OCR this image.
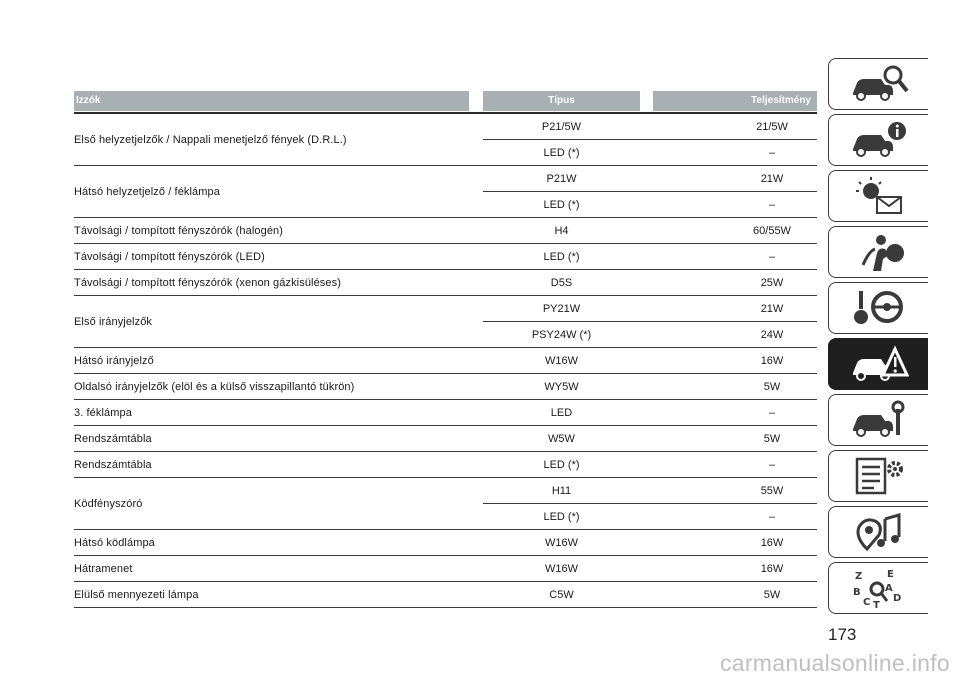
Izzók	Típus	Teljesítmény
Első helyzetjelzők / Nappali menetjelző fények (D.R.L.)
P21/5W	21/5W
LED (*)	–
Hátsó helyzetjelző / féklámpa
P21W	21W
LED (*)	–
Távolsági / tompított fényszórók (halogén)	H4	60/55W
Távolsági / tompított fényszórók (LED)	LED (*)	–
Távolsági / tompított fényszórók (xenon gázkisüléses)	D5S	25W
Első irányjelzők
PY21W	21W
PSY24W (*)	24W
Hátsó irányjelző	W16W	16W
Oldalsó irányjelzők (elöl és a külső visszapillantó tükrön)	WY5W	5W
3. féklámpa	LED	–
Rendszámtábla	W5W	5W
Rendszámtábla	LED (*)	–
Ködfényszóró
H11	55W
LED (*)	–
Hátsó ködlámpa	W16W	16W
Hátramenet	W16W	16W
Elülső mennyezeti lámpa	C5W	5W
Z E
B A
C D
T
173
carmanualsonline.info
